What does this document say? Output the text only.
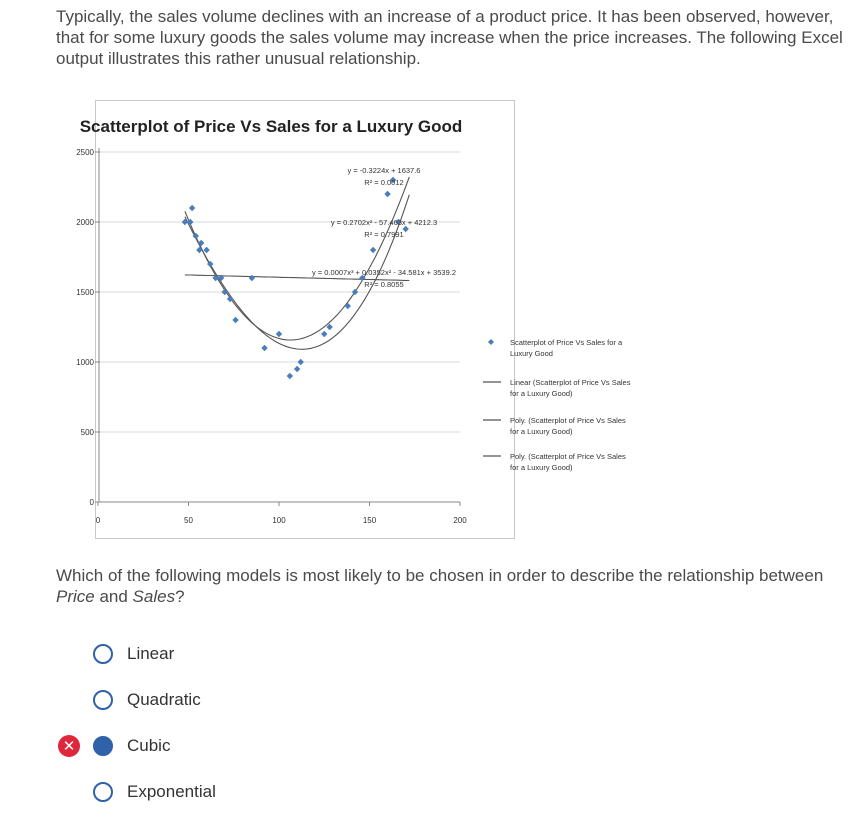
Typically, the sales volume declines with an increase of a product price. It has been observed, however, that for some luxury goods the sales volume may increase when the price increases. The following Excel output illustrates this rather unusual relationship.

Scatterplot of Price Vs Sales for a Luxury Good
0
500
1000
1500
2000
2500
0	50	100	150	200
y = -0.3224x + 1637.6
R² = 0.0012
y = 0.2702x² - 57.463x + 4212.3
R² = 0.7991
y = 0.0007x³ + 0.0352x² - 34.581x + 3539.2
R² = 0.8055
Scatterplot of Price Vs Sales for a
Luxury Good
Linear (Scatterplot of Price Vs Sales
for a Luxury Good)
Poly. (Scatterplot of Price Vs Sales
for a Luxury Good)
Poly. (Scatterplot of Price Vs Sales
for a Luxury Good)

Which of the following models is most likely to be chosen in order to describe the relationship between Price and Sales?

Linear
Quadratic
✕	Cubic
Exponential
